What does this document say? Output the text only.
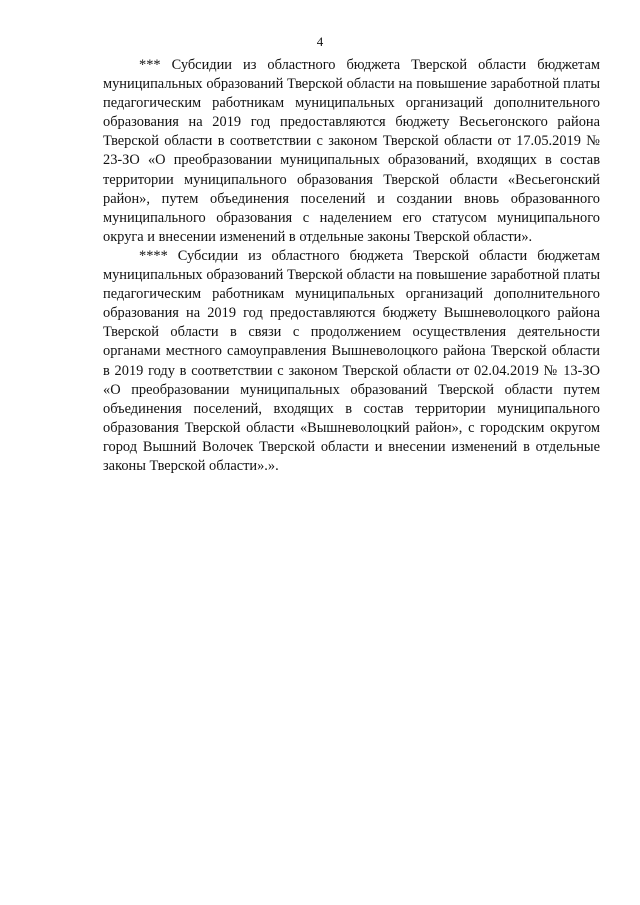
4

*** Субсидии из областного бюджета Тверской области бюджетам муниципальных образований Тверской области на повышение заработной платы педагогическим работникам муниципальных организаций дополнительного образования на 2019 год предоставляются бюджету Весьегонского района Тверской области в соответствии с законом Тверской области от 17.05.2019 № 23-ЗО «О преобразовании муниципальных образований, входящих в состав территории муниципального образования Тверской области «Весьегонский район», путем объединения поселений и создании вновь образованного муниципального образования с наделением его статусом муниципального округа и внесении изменений в отдельные законы Тверской области».

**** Субсидии из областного бюджета Тверской области бюджетам муниципальных образований Тверской области на повышение заработной платы педагогическим работникам муниципальных организаций дополнительного образования на 2019 год предоставляются бюджету Вышневолоцкого района Тверской области в связи с продолжением осуществления деятельности органами местного самоуправления Вышневолоцкого района Тверской области в 2019 году в соответствии с законом Тверской области от 02.04.2019 № 13-ЗО «О преобразовании муниципальных образований Тверской области путем объединения поселений, входящих в состав территории муниципального образования Тверской области «Вышневолоцкий район», с городским округом город Вышний Волочек Тверской области и внесении изменений в отдельные законы Тверской области».».
